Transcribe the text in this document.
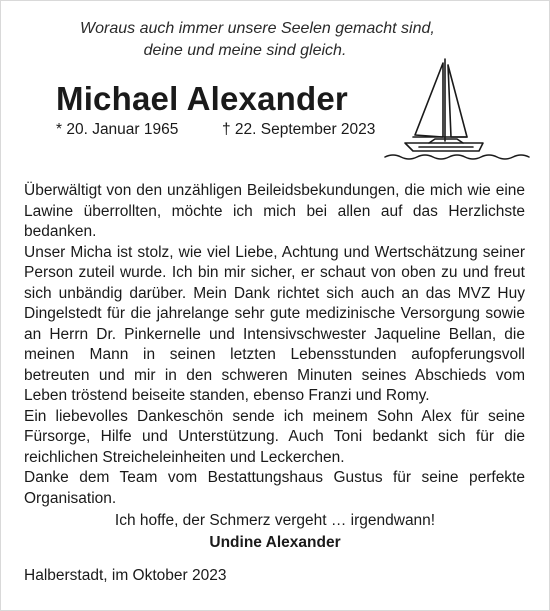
Woraus auch immer unsere Seelen gemacht sind,
deine und meine sind gleich.
Michael Alexander
* 20. Januar 1965	† 22. September 2023

Überwältigt von den unzähligen Beileidsbekundungen, die mich wie eine Lawine überrollten, möchte ich mich bei allen auf das Herzlichste bedanken.

Unser Micha ist stolz, wie viel Liebe, Achtung und Wertschätzung seiner Person zuteil wurde. Ich bin mir sicher, er schaut von oben zu und freut sich unbändig darüber. Mein Dank richtet sich auch an das MVZ Huy Dingelstedt für die jahrelange sehr gute medizinische Versorgung sowie an Herrn Dr. Pinkernelle und Intensivschwester Jaqueline Bellan, die meinen Mann in seinen letzten Lebensstunden aufopferungsvoll betreuten und mir in den schweren Minuten seines Abschieds vom Leben tröstend beiseite standen, ebenso Franzi und Romy.

Ein liebevolles Dankeschön sende ich meinem Sohn Alex für seine Fürsorge, Hilfe und Unterstützung. Auch Toni bedankt sich für die reichlichen Streicheleinheiten und Leckerchen.

Danke dem Team vom Bestattungshaus Gustus für seine perfekte Organisation.

Ich hoffe, der Schmerz vergeht … irgendwann!
Undine Alexander
Halberstadt, im Oktober 2023
